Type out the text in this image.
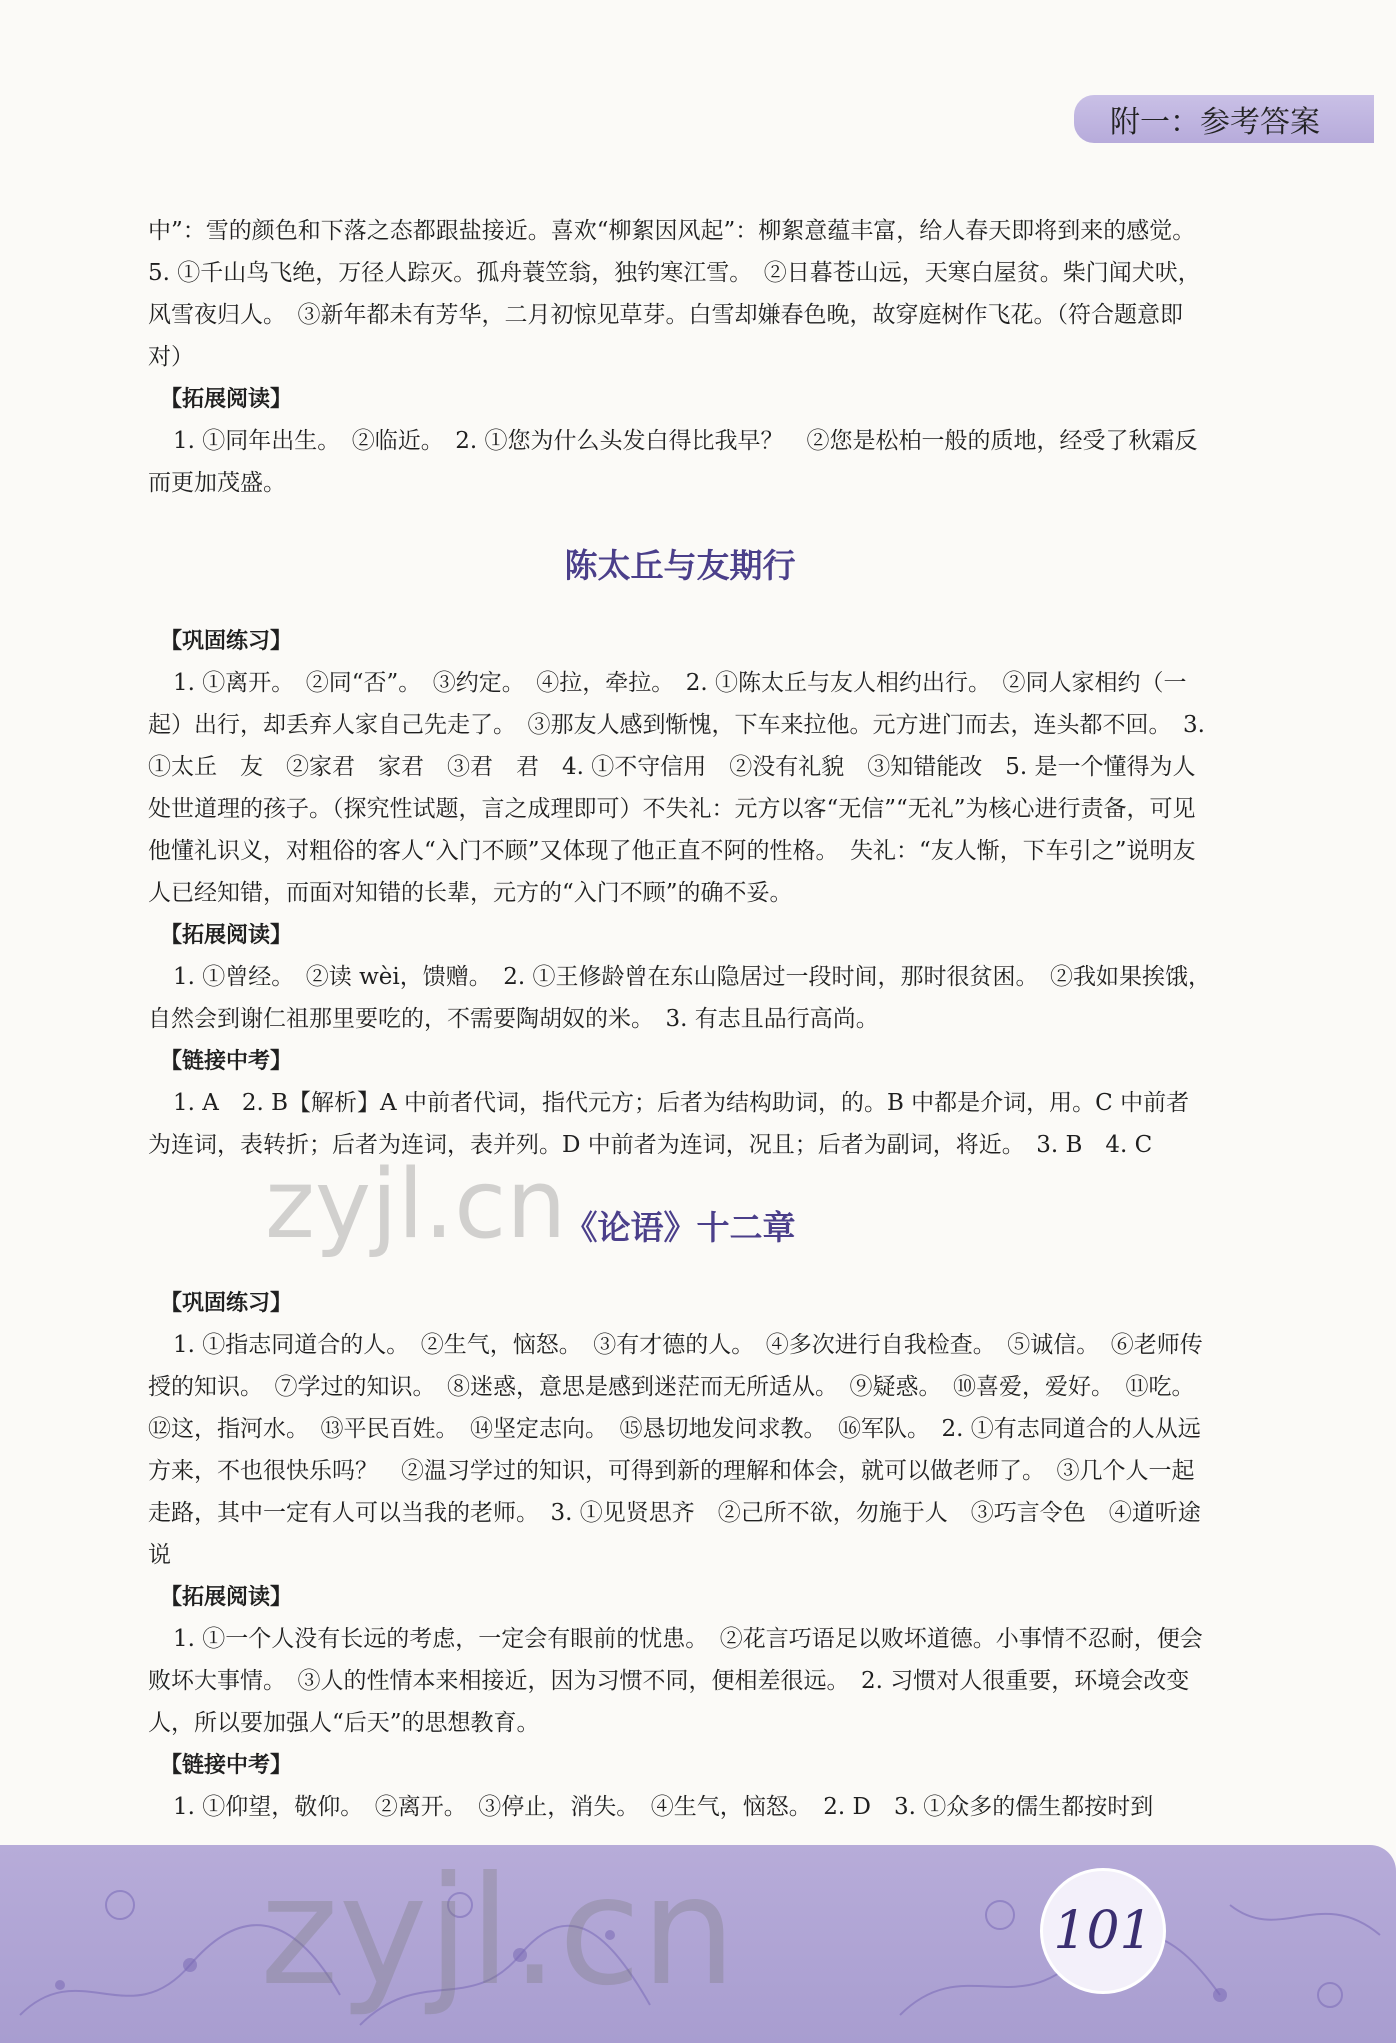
附一：参考答案

中”：雪的颜色和下落之态都跟盐接近。喜欢“柳絮因风起”：柳絮意蕴丰富，给人春天即将到来的感觉。　5. ①千山鸟飞绝，万径人踪灭。孤舟蓑笠翁，独钓寒江雪。　②日暮苍山远，天寒白屋贫。柴门闻犬吠，风雪夜归人。　③新年都未有芳华，二月初惊见草芽。白雪却嫌春色晚，故穿庭树作飞花。（符合题意即对）

【拓展阅读】

1. ①同年出生。　②临近。　2. ①您为什么头发白得比我早？　②您是松柏一般的质地，经受了秋霜反而更加茂盛。

陈太丘与友期行

【巩固练习】

1. ①离开。　②同“否”。　③约定。　④拉，牵拉。　2. ①陈太丘与友人相约出行。　②同人家相约（一起）出行，却丢弃人家自己先走了。　③那友人感到惭愧，下车来拉他。元方进门而去，连头都不回。　3. ①太丘　友　②家君　家君　③君　君　4. ①不守信用　②没有礼貌　③知错能改　5. 是一个懂得为人处世道理的孩子。（探究性试题，言之成理即可）不失礼：元方以客“无信”“无礼”为核心进行责备，可见他懂礼识义，对粗俗的客人“入门不顾”又体现了他正直不阿的性格。　失礼：“友人惭，下车引之”说明友人已经知错，而面对知错的长辈，元方的“入门不顾”的确不妥。

【拓展阅读】

1. ①曾经。　②读 wèi，馈赠。　2. ①王修龄曾在东山隐居过一段时间，那时很贫困。　②我如果挨饿，自然会到谢仁祖那里要吃的，不需要陶胡奴的米。　3. 有志且品行高尚。

【链接中考】

1. A　2. B【解析】A 中前者代词，指代元方；后者为结构助词，的。B 中都是介词，用。C 中前者为连词，表转折；后者为连词，表并列。D 中前者为连词，况且；后者为副词，将近。　3. B　4. C

《论语》十二章

【巩固练习】

1. ①指志同道合的人。　②生气，恼怒。　③有才德的人。　④多次进行自我检查。　⑤诚信。　⑥老师传授的知识。　⑦学过的知识。　⑧迷惑，意思是感到迷茫而无所适从。　⑨疑惑。　⑩喜爱，爱好。　⑪吃。　⑫这，指河水。　⑬平民百姓。　⑭坚定志向。　⑮恳切地发问求教。　⑯军队。　2. ①有志同道合的人从远方来，不也很快乐吗？　②温习学过的知识，可得到新的理解和体会，就可以做老师了。　③几个人一起走路，其中一定有人可以当我的老师。　3. ①见贤思齐　②己所不欲，勿施于人　③巧言令色　④道听途说

【拓展阅读】

1. ①一个人没有长远的考虑，一定会有眼前的忧患。　②花言巧语足以败坏道德。小事情不忍耐，便会败坏大事情。　③人的性情本来相接近，因为习惯不同，便相差很远。　2. 习惯对人很重要，环境会改变人，所以要加强人“后天”的思想教育。

【链接中考】

1. ①仰望，敬仰。　②离开。　③停止，消失。　④生气，恼怒。　2. D　3. ①众多的儒生都按时到

101
zyjl.cn
zyjl.cn
